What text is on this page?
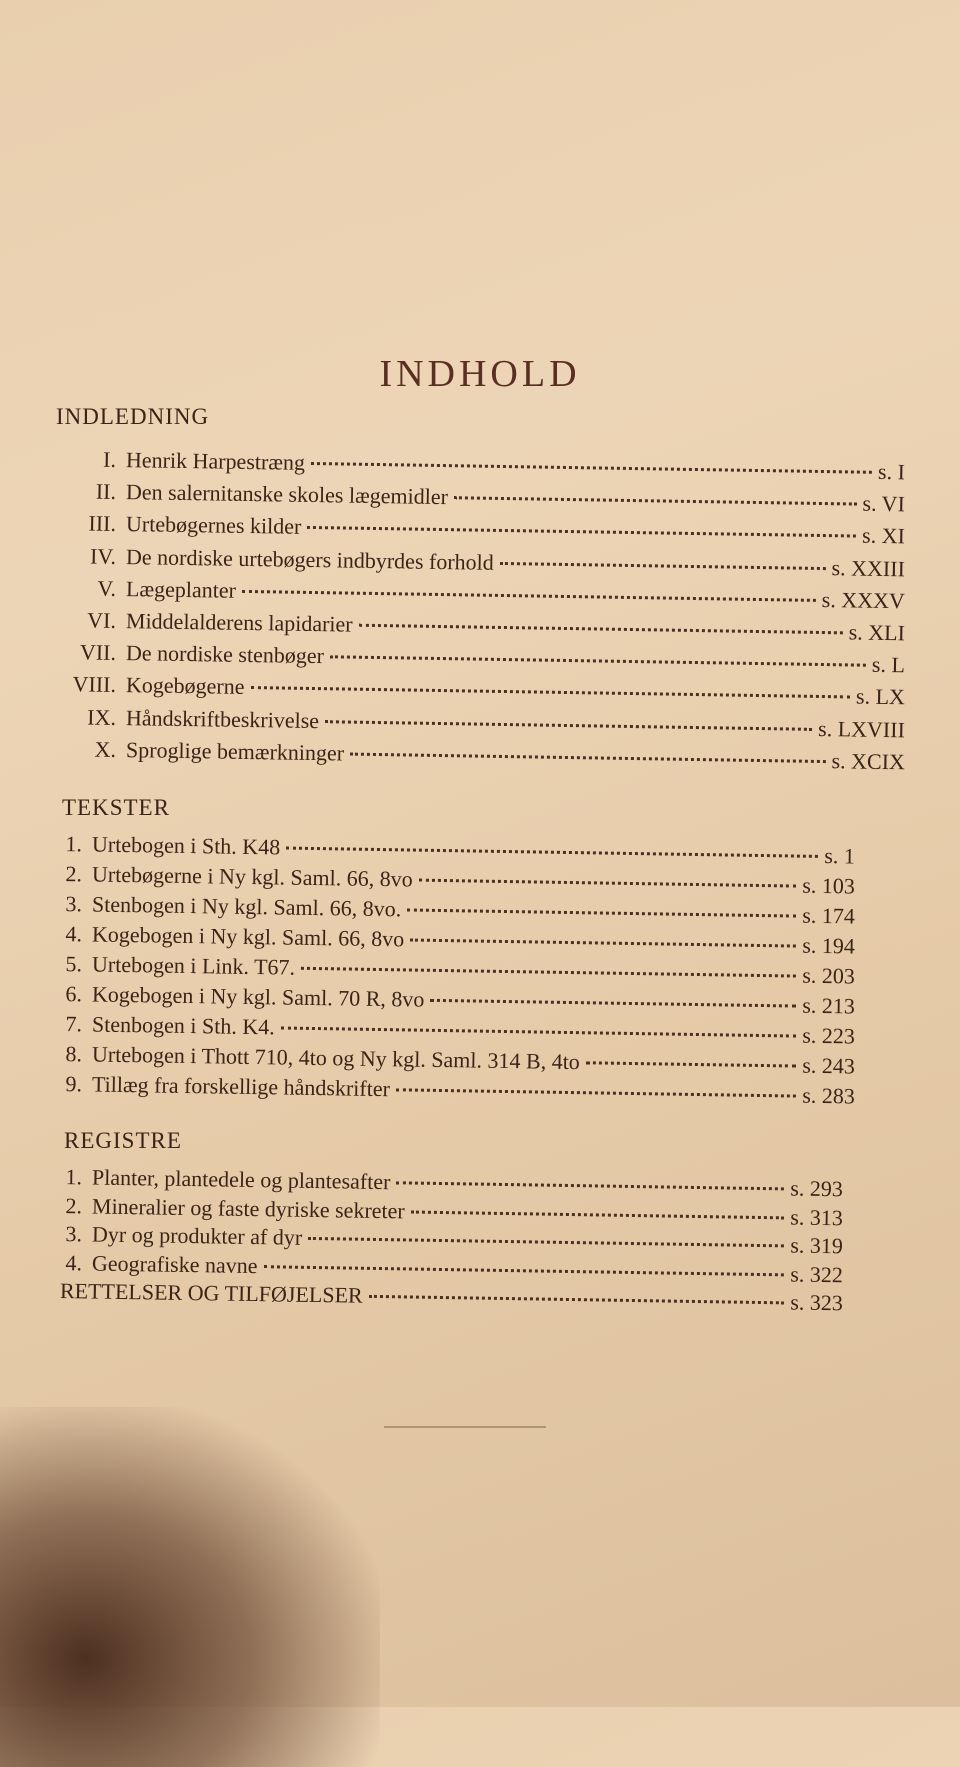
INDHOLD
INDLEDNING
I. Henrik Harpestræng	s. I
II. Den salernitanske skoles lægemidler	s. VI
III. Urtebøgernes kilder	s. XI
IV. De nordiske urtebøgers indbyrdes forhold	s. XXIII
V. Lægeplanter	s. XXXV
VI. Middelalderens lapidarier	s. XLI
VII. De nordiske stenbøger	s. L
VIII. Kogebøgerne	s. LX
IX. Håndskriftbeskrivelse	s. LXVIII
X. Sproglige bemærkninger	s. XCIX
TEKSTER
1. Urtebogen i Sth. K48	s. 1
2. Urtebøgerne i Ny kgl. Saml. 66, 8vo	s. 103
3. Stenbogen i Ny kgl. Saml. 66, 8vo.	s. 174
4. Kogebogen i Ny kgl. Saml. 66, 8vo	s. 194
5. Urtebogen i Link. T67.	s. 203
6. Kogebogen i Ny kgl. Saml. 70 R, 8vo	s. 213
7. Stenbogen i Sth. K4.	s. 223
8. Urtebogen i Thott 710, 4to og Ny kgl. Saml. 314 B, 4to	s. 243
9. Tillæg fra forskellige håndskrifter	s. 283
REGISTRE
1. Planter, plantedele og plantesafter	s. 293
2. Mineralier og faste dyriske sekreter	s. 313
3. Dyr og produkter af dyr	s. 319
4. Geografiske navne	s. 322
RETTELSER OG TILFØJELSER	s. 323
